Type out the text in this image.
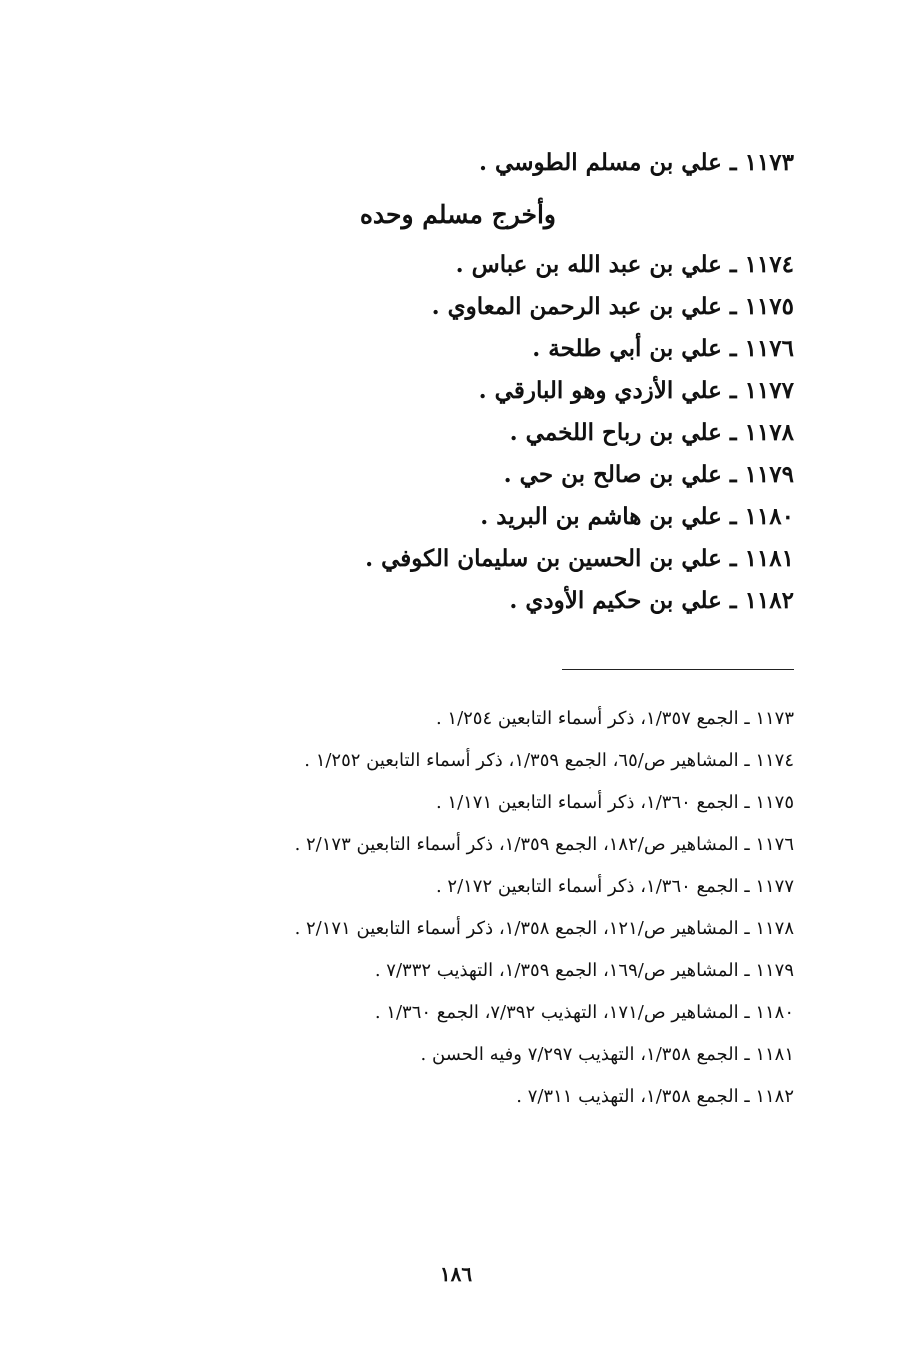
١١٧٣ ـ علي بن مسلم الطوسي .
وأخرج مسلم وحده
١١٧٤ ـ علي بن عبد الله بن عباس .
١١٧٥ ـ علي بن عبد الرحمن المعاوي .
١١٧٦ ـ علي بن أبي طلحة .
١١٧٧ ـ علي الأزدي وهو البارقي .
١١٧٨ ـ علي بن رباح اللخمي .
١١٧٩ ـ علي بن صالح بن حي .
١١٨٠ ـ علي بن هاشم بن البريد .
١١٨١ ـ علي بن الحسين بن سليمان الكوفي .
١١٨٢ ـ علي بن حكيم الأودي .
١١٧٣ ـ الجمع ١/٣٥٧، ذكر أسماء التابعين ١/٢٥٤ .
١١٧٤ ـ المشاهير ص/٦٥، الجمع ١/٣٥٩، ذكر أسماء التابعين ١/٢٥٢ .
١١٧٥ ـ الجمع ١/٣٦٠، ذكر أسماء التابعين ١/١٧١ .
١١٧٦ ـ المشاهير ص/١٨٢، الجمع ١/٣٥٩، ذكر أسماء التابعين ٢/١٧٣ .
١١٧٧ ـ الجمع ١/٣٦٠، ذكر أسماء التابعين ٢/١٧٢ .
١١٧٨ ـ المشاهير ص/١٢١، الجمع ١/٣٥٨، ذكر أسماء التابعين ٢/١٧١ .
١١٧٩ ـ المشاهير ص/١٦٩، الجمع ١/٣٥٩، التهذيب ٧/٣٣٢ .
١١٨٠ ـ المشاهير ص/١٧١، التهذيب ٧/٣٩٢، الجمع ١/٣٦٠ .
١١٨١ ـ الجمع ١/٣٥٨، التهذيب ٧/٢٩٧ وفيه الحسن .
١١٨٢ ـ الجمع ١/٣٥٨، التهذيب ٧/٣١١ .
١٨٦
